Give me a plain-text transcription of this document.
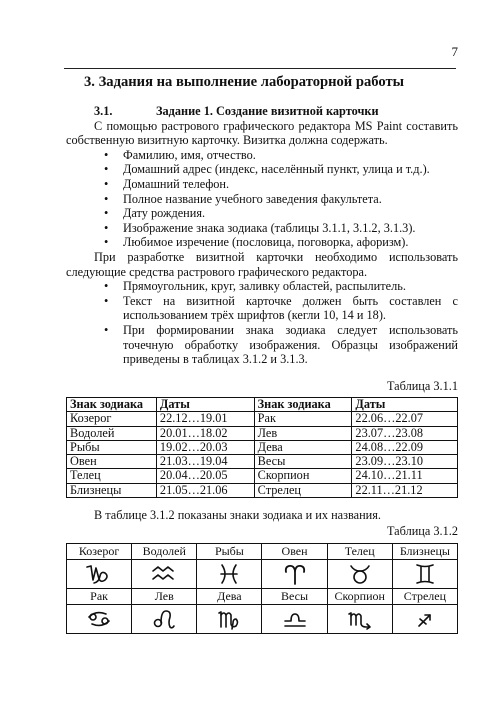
7
3. Задания на выполнение лабораторной работы

3.1.	Задание 1. Создание визитной карточки

С помощью растрового графического редактора MS Paint составить собственную визитную карточку. Визитка должна содержать.

• Фамилию, имя, отчество.
• Домашний адрес (индекс, населённый пункт, улица и т.д.).
• Домашний телефон.
• Полное название учебного заведения факультета.
• Дату рождения.
• Изображение знака зодиака (таблицы 3.1.1, 3.1.2, 3.1.3).
• Любимое изречение (пословица, поговорка, афоризм).

При разработке визитной карточки необходимо использовать следующие средства растрового графического редактора.

• Прямоугольник, круг, заливку областей, распылитель.
• Текст на визитной карточке должен быть составлен с использованием трёх шрифтов (кегли 10, 14 и 18).
• При формировании знака зодиака следует использовать точечную обработку изображения. Образцы изображений приведены в таблицах 3.1.2 и 3.1.3.
Таблица 3.1.1
Знак зодиака	Даты	Знак зодиака	Даты
Козерог	22.12…19.01	Рак	22.06…22.07
Водолей	20.01…18.02	Лев	23.07…23.08
Рыбы	19.02…20.03	Дева	24.08…22.09
Овен	21.03…19.04	Весы	23.09…23.10
Телец	20.04…20.05	Скорпион	24.10…21.11
Близнецы	21.05…21.06	Стрелец	22.11…21.12

В таблице 3.1.2 показаны знаки зодиака и их названия.

Таблица 3.1.2
Козерог	Водолей	Рыбы	Овен	Телец	Близнецы

Рак	Лев	Дева	Весы	Скорпион	Стрелец
